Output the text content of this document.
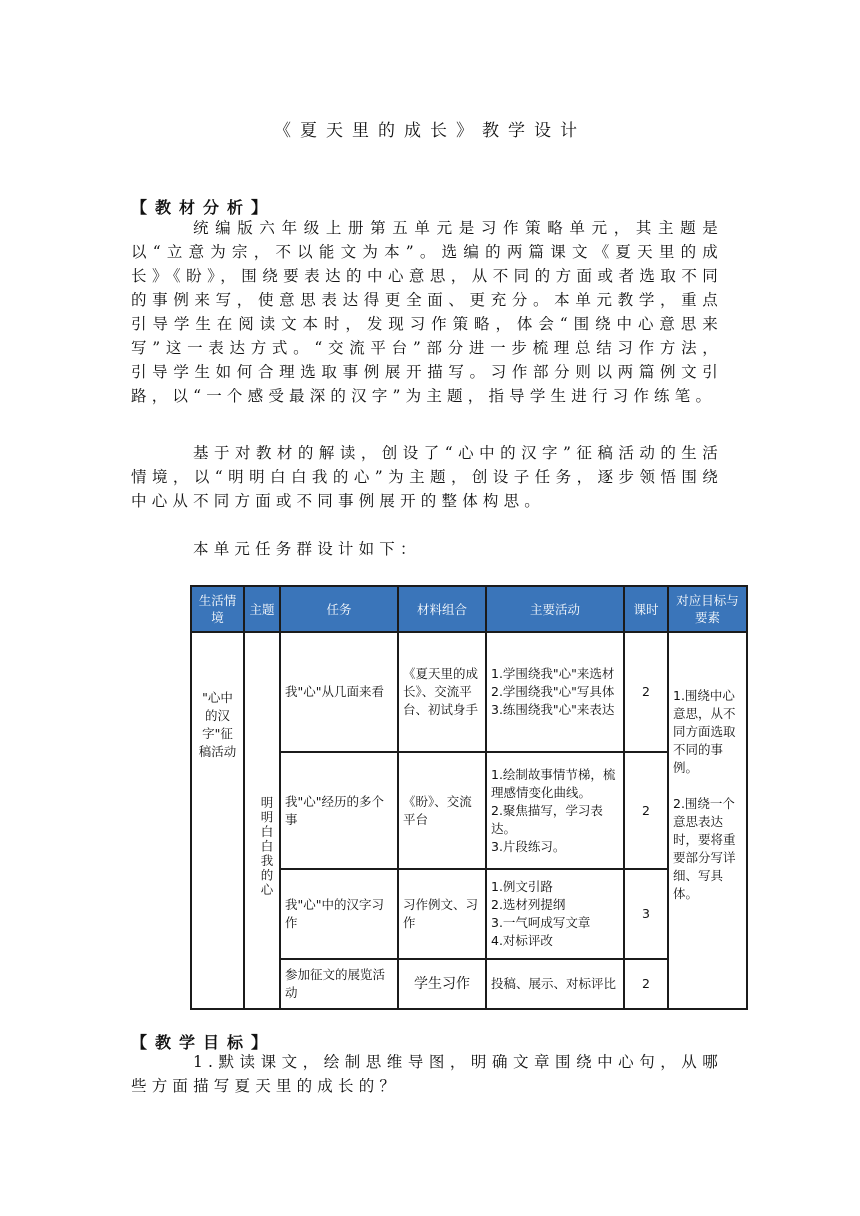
《夏天里的成长》教学设计
【教材分析】

统编版六年级上册第五单元是习作策略单元，其主题是以“立意为宗，不以能文为本”。选编的两篇课文《夏天里的成长》《盼》，围绕要表达的中心意思，从不同的方面或者选取不同的事例来写，使意思表达得更全面、更充分。本单元教学，重点引导学生在阅读文本时，发现习作策略，体会“围绕中心意思来写”这一表达方式。“交流平台”部分进一步梳理总结习作方法，引导学生如何合理选取事例展开描写。习作部分则以两篇例文引路，以“一个感受最深的汉字”为主题，指导学生进行习作练笔。

基于对教材的解读，创设了“心中的汉字”征稿活动的生活情境，以“明明白白我的心”为主题，创设子任务，逐步领悟围绕中心从不同方面或不同事例展开的整体构思。

本单元任务群设计如下：

生活情境	主题	任务	材料组合	主要活动	课时	对应目标与要素
"心中的汉字"征稿活动	明明白白我的心	我"心"从几面来看	《夏天里的成长》、交流平台、初试身手	1.学围绕我"心"来选材
2.学围绕我"心"写具体
3.练围绕我"心"来表达	2	1.围绕中心意思，从不同方面选取不同的事例。
2.围绕一个意思表达时，要将重要部分写详细、写具体。

		我"心"经历的多个事	《盼》、交流平台	1.绘制故事情节梯，梳理感情变化曲线。
2.聚焦描写，学习表达。
3.片段练习。	2	
		我"心"中的汉字习作	习作例文、习作	1.例文引路
2.选材列提纲
3.一气呵成写文章
4.对标评改	3	
		参加征文的展览活动	学生习作	投稿、展示、对标评比	2	
【教学目标】

1.默读课文，绘制思维导图，明确文章围绕中心句，从哪些方面描写夏天里的成长的？
